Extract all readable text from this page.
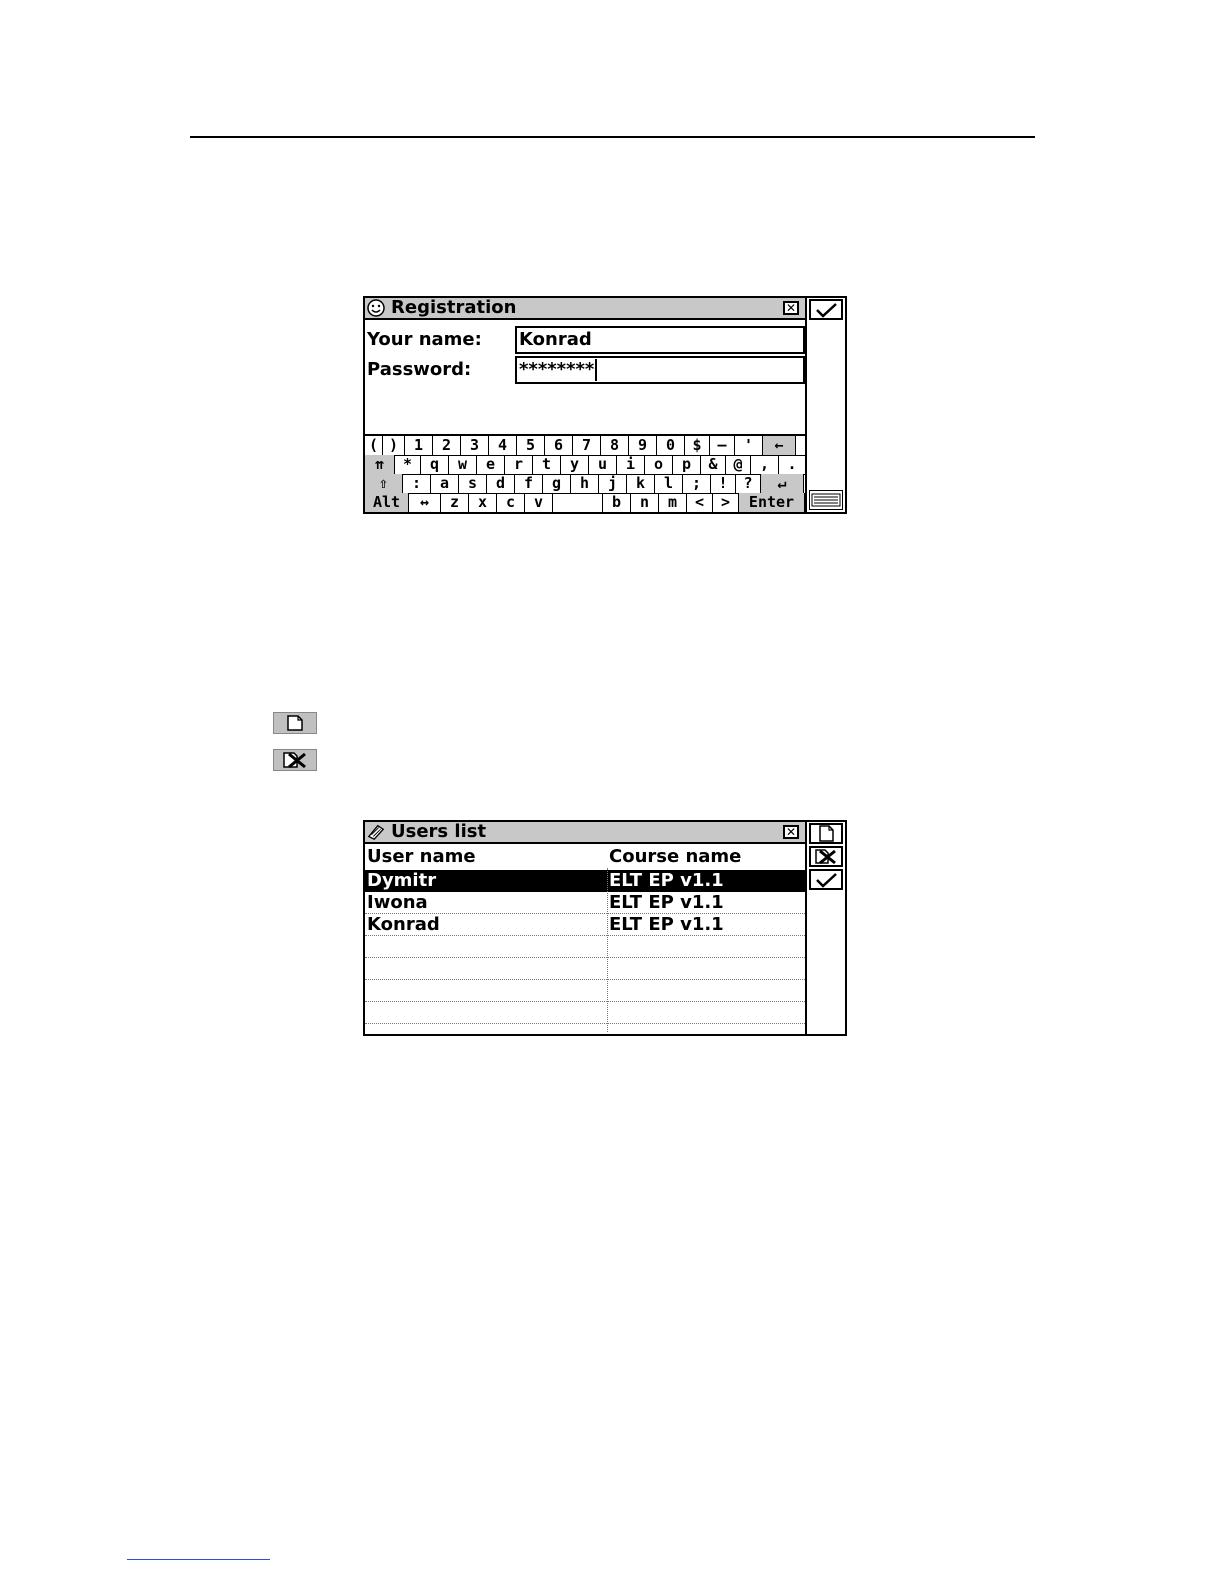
Registration	✕
Your name: Konrad
Password:	********
( )	1	2	3	4	5	6	7	8	9	0	$	–	'	←
⇈	*	q	w	e	r	t	y	u	i	o	p	&	@	,	.
⇧	:	a	s	d	f	g	h	j	k	l	;	!	?	↵
Alt	↔	z	x	c	v	b	n	m	<	>	Enter
Users list	✕
User name	Course name
Dymitr	ELT EP v1.1
Iwona	ELT EP v1.1
Konrad	ELT EP v1.1
